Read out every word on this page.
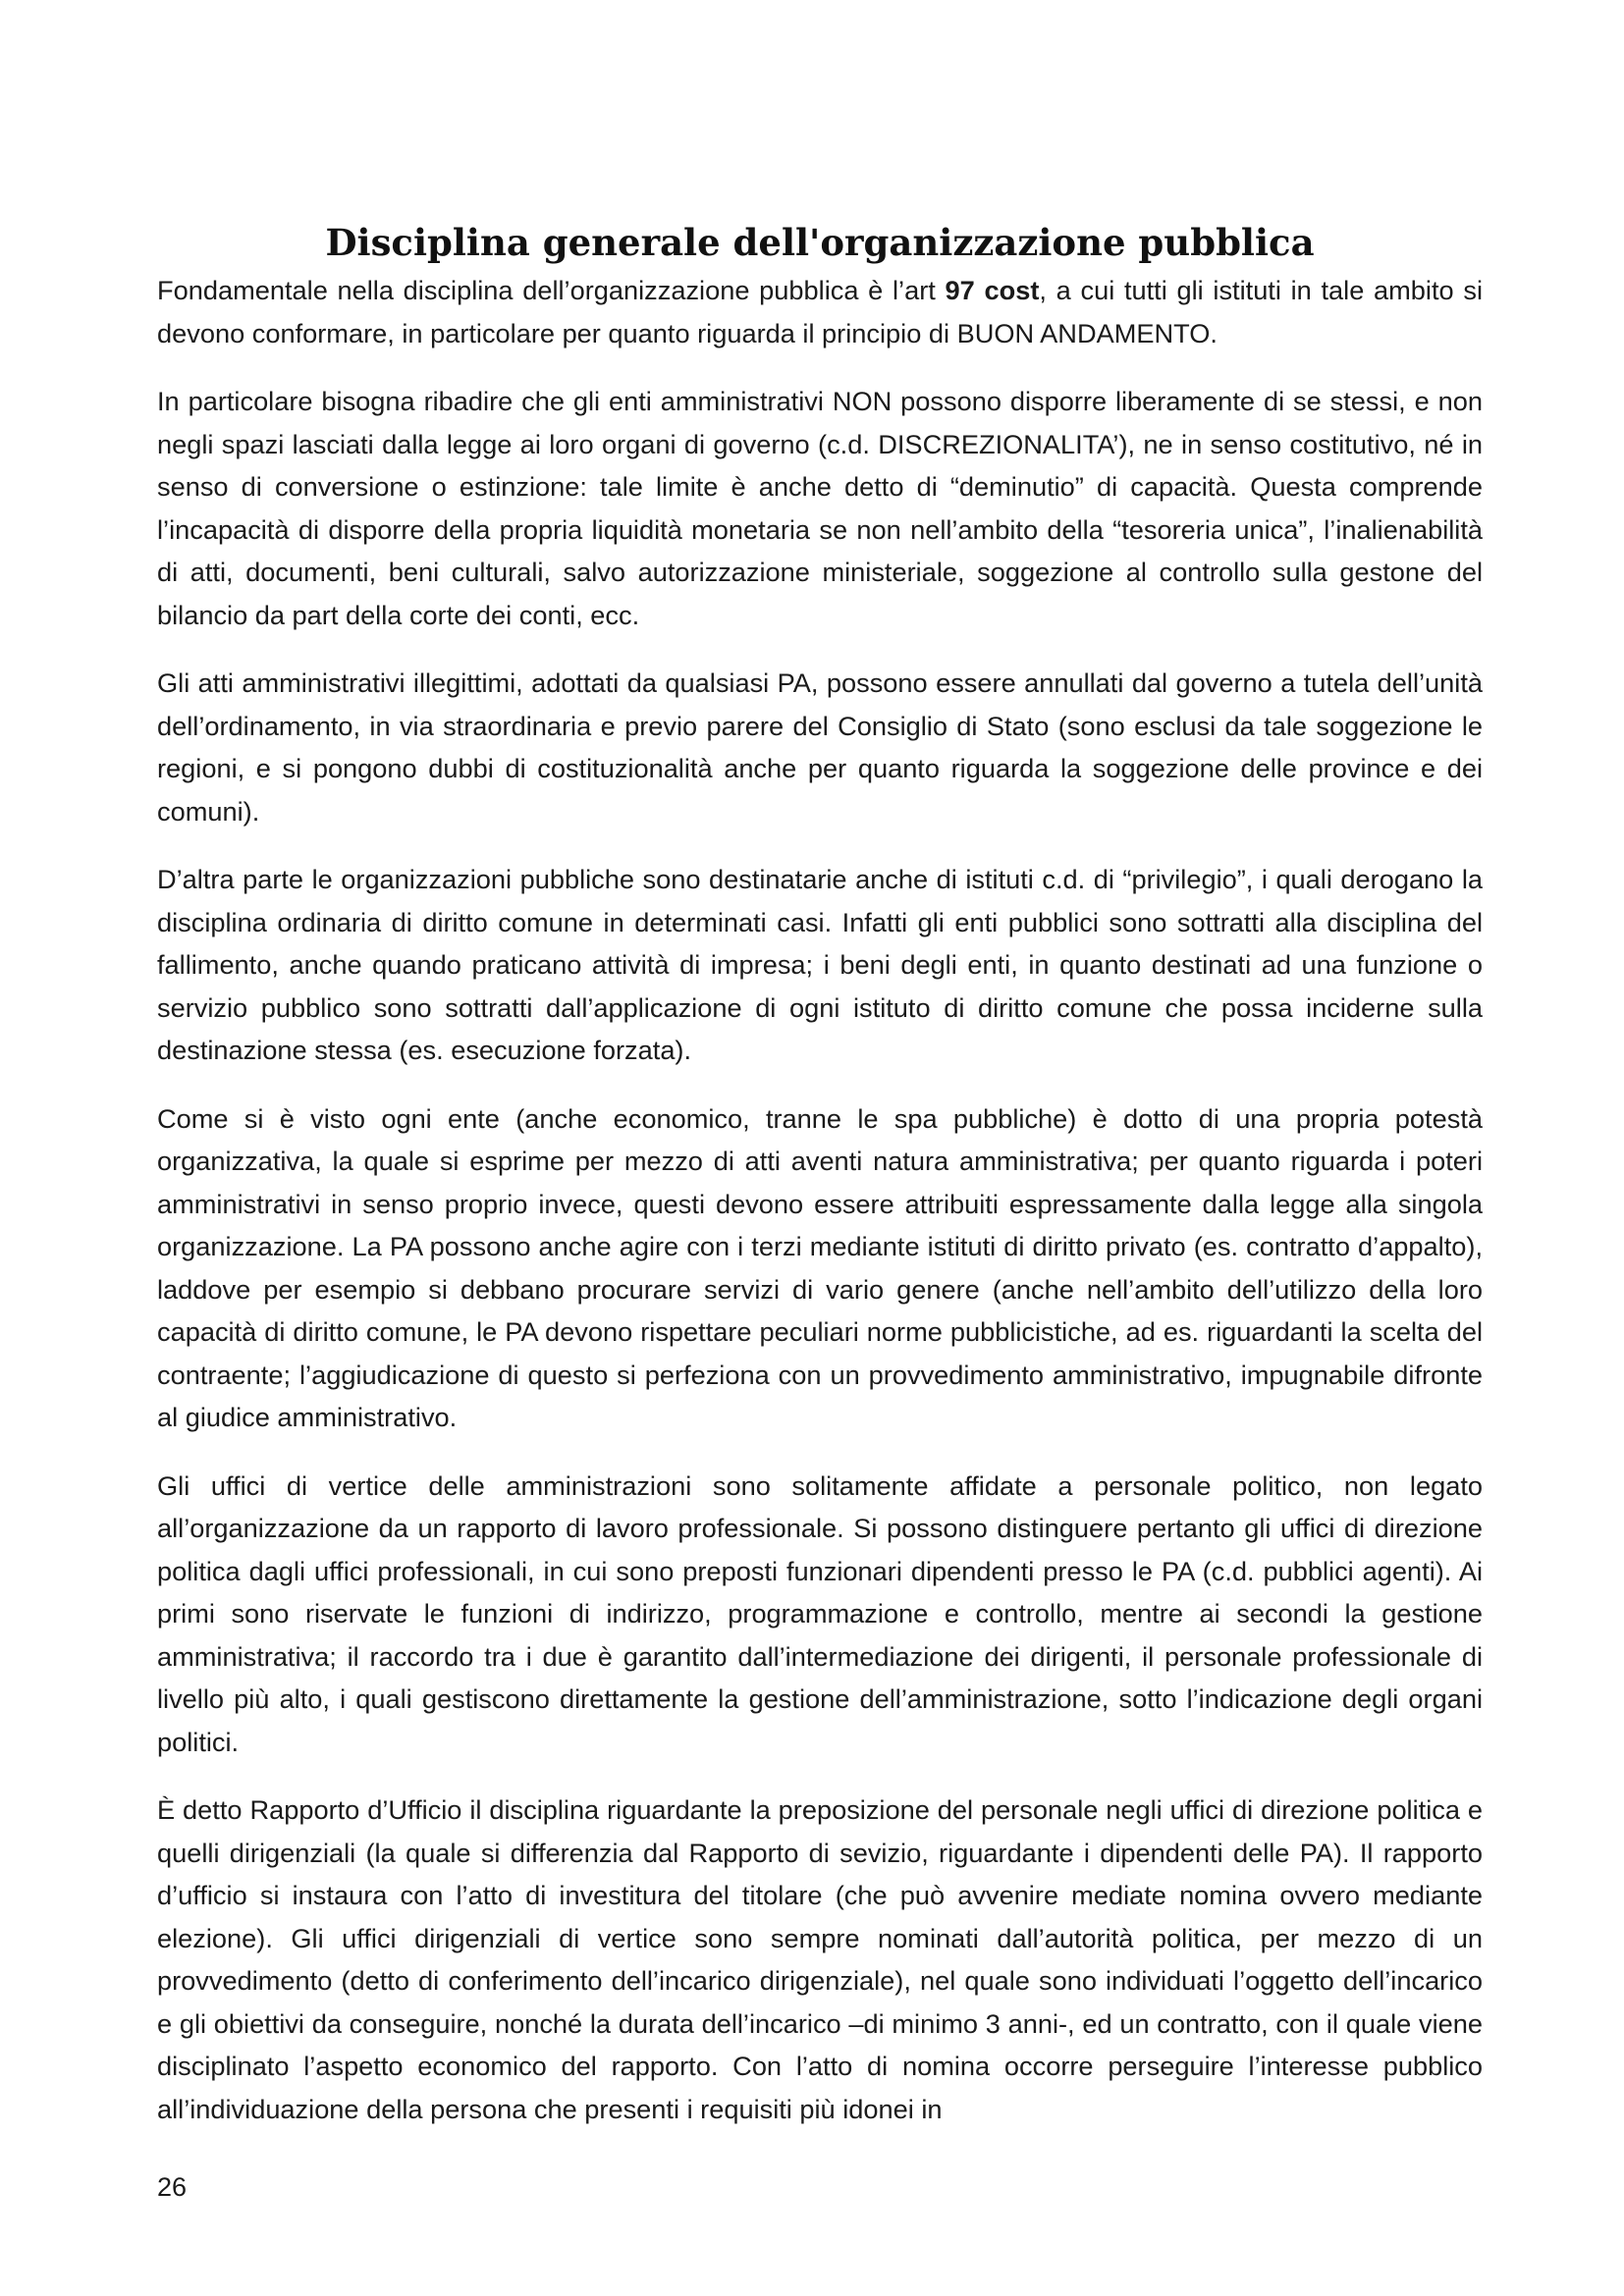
Disciplina generale dell'organizzazione pubblica

Fondamentale nella disciplina dell’organizzazione pubblica è l’art 97 cost, a cui tutti gli istituti in tale ambito si devono conformare, in particolare per quanto riguarda il principio di BUON ANDAMENTO.

In particolare bisogna ribadire che gli enti amministrativi NON possono disporre liberamente di se stessi, e non negli spazi lasciati dalla legge ai loro organi di governo (c.d. DISCREZIONALITA’), ne in senso costitutivo, né in senso di conversione o estinzione: tale limite è anche detto di “deminutio” di capacità. Questa comprende l’incapacità di disporre della propria liquidità monetaria se non nell’ambito della “tesoreria unica”, l’inalienabilità di atti, documenti, beni culturali, salvo autorizzazione ministeriale, soggezione al controllo sulla gestone del bilancio da part della corte dei conti, ecc.

Gli atti amministrativi illegittimi, adottati da qualsiasi PA, possono essere annullati dal governo a tutela dell’unità dell’ordinamento, in via straordinaria e previo parere del Consiglio di Stato (sono esclusi da tale soggezione le regioni, e si pongono dubbi di costituzionalità anche per quanto riguarda la soggezione delle province e dei comuni).

D’altra parte le organizzazioni pubbliche sono destinatarie anche di istituti c.d. di “privilegio”, i quali derogano la disciplina ordinaria di diritto comune in determinati casi. Infatti gli enti pubblici sono sottratti alla disciplina del fallimento, anche quando praticano attività di impresa; i beni degli enti, in quanto destinati ad una funzione o servizio pubblico sono sottratti dall’applicazione di ogni istituto di diritto comune che possa inciderne sulla destinazione stessa (es. esecuzione forzata).

Come si è visto ogni ente (anche economico, tranne le spa pubbliche) è dotto di una propria potestà organizzativa, la quale si esprime per mezzo di atti aventi natura amministrativa; per quanto riguarda i poteri amministrativi in senso proprio invece, questi devono essere attribuiti espressamente dalla legge alla singola organizzazione. La PA possono anche agire con i terzi mediante istituti di diritto privato (es. contratto d’appalto), laddove per esempio si debbano procurare servizi di vario genere (anche nell’ambito dell’utilizzo della loro capacità di diritto comune, le PA devono rispettare peculiari norme pubblicistiche, ad es. riguardanti la scelta del contraente; l’aggiudicazione di questo si perfeziona con un provvedimento amministrativo, impugnabile difronte al giudice amministrativo.

Gli uffici di vertice delle amministrazioni sono solitamente affidate a personale politico, non legato all’organizzazione da un rapporto di lavoro professionale. Si possono distinguere pertanto gli uffici di direzione politica dagli uffici professionali, in cui sono preposti funzionari dipendenti presso le PA (c.d. pubblici agenti). Ai primi sono riservate le funzioni di indirizzo, programmazione e controllo, mentre ai secondi la gestione amministrativa; il raccordo tra i due è garantito dall’intermediazione dei dirigenti, il personale professionale di livello più alto, i quali gestiscono direttamente la gestione dell’amministrazione, sotto l’indicazione degli organi politici.

È detto Rapporto d’Ufficio il disciplina riguardante la preposizione del personale negli uffici di direzione politica e quelli dirigenziali (la quale si differenzia dal Rapporto di sevizio, riguardante i dipendenti delle PA). Il rapporto d’ufficio si instaura con l’atto di investitura del titolare (che può avvenire mediate nomina ovvero mediante elezione). Gli uffici dirigenziali di vertice sono sempre nominati dall’autorità politica, per mezzo di un provvedimento (detto di conferimento dell’incarico dirigenziale), nel quale sono individuati l’oggetto dell’incarico e gli obiettivi da conseguire, nonché la durata dell’incarico –di minimo 3 anni-, ed un contratto, con il quale viene disciplinato l’aspetto economico del rapporto. Con l’atto di nomina occorre perseguire l’interesse pubblico all’individuazione della persona che presenti i requisiti più idonei in

26
